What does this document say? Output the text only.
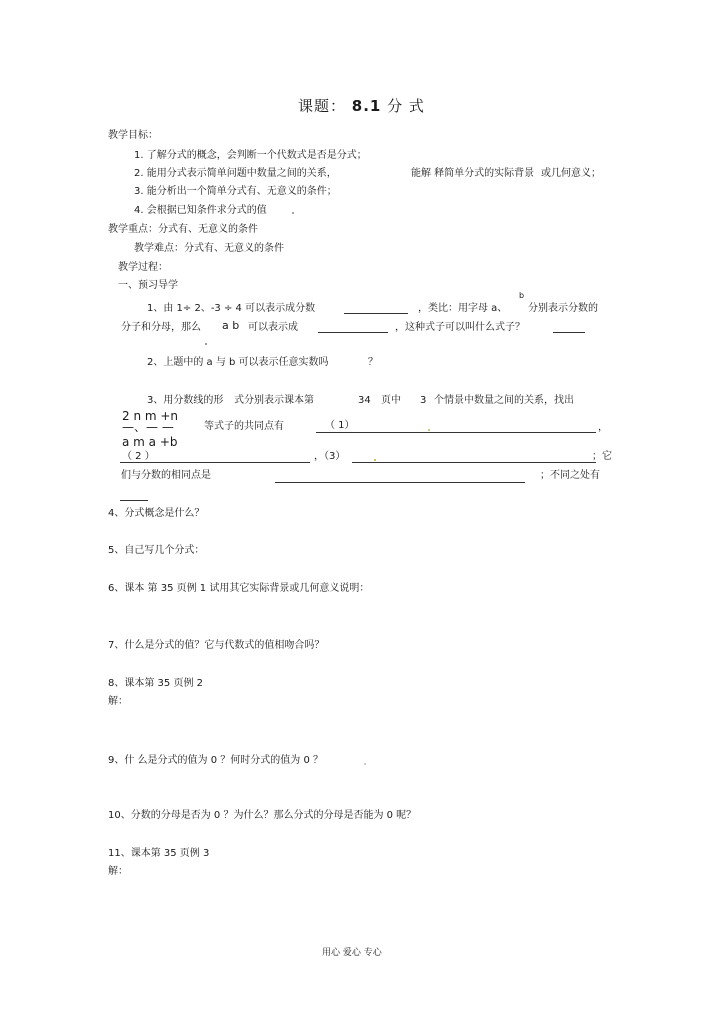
课题： 8.1 分 式
教学目标：
1. 了解分式的概念，会判断一个代数式是否是分式；
2. 能用分式表示简单问题中数量之间的关系，	能解 释简单分式的实际背景 或几何意义；
3. 能分析出一个简单分式有、无意义的条件；
4. 会根据已知条件求分式的值
教学重点：分式有、无意义的条件
教学难点：分式有、无意义的条件
教学过程：
一、预习导学
1、由 1÷ 2、-3 ÷ 4 可以表示成分数	，类比：用字母 a、
b
分别表示分数的
分子和分母，那么 a b 可以表示成	，这种式子可以叫什么式子？
2、上题中的 a 与 b 可以表示任意实数吗	？
3、用分数线的形 式分别表示课本第	34 页中 3 个情景中数量之间的关系，找出
2 n m +n
—、— —
a m a +b
等式子的共同点有	（ 1）	，
（ 2 ）	，（3）	；它
们与分数的相同点是	；不同之处有
4、分式概念是什么？
5、自己写几个分式：
6、课本 第 35 页例 1 试用其它实际背景或几何意义说明：
7、什么是分式的值？它与代数式的值相吻合吗？
8、课本第 35 页例 2
解：
9、什 么是分式的值为 0 ？何时分式的值为 0 ？
10、分数的分母是否为 0 ？为什么？那么分式的分母是否能为 0 呢？
11、课本第 35 页例 3
解：
用心 爱心 专心
